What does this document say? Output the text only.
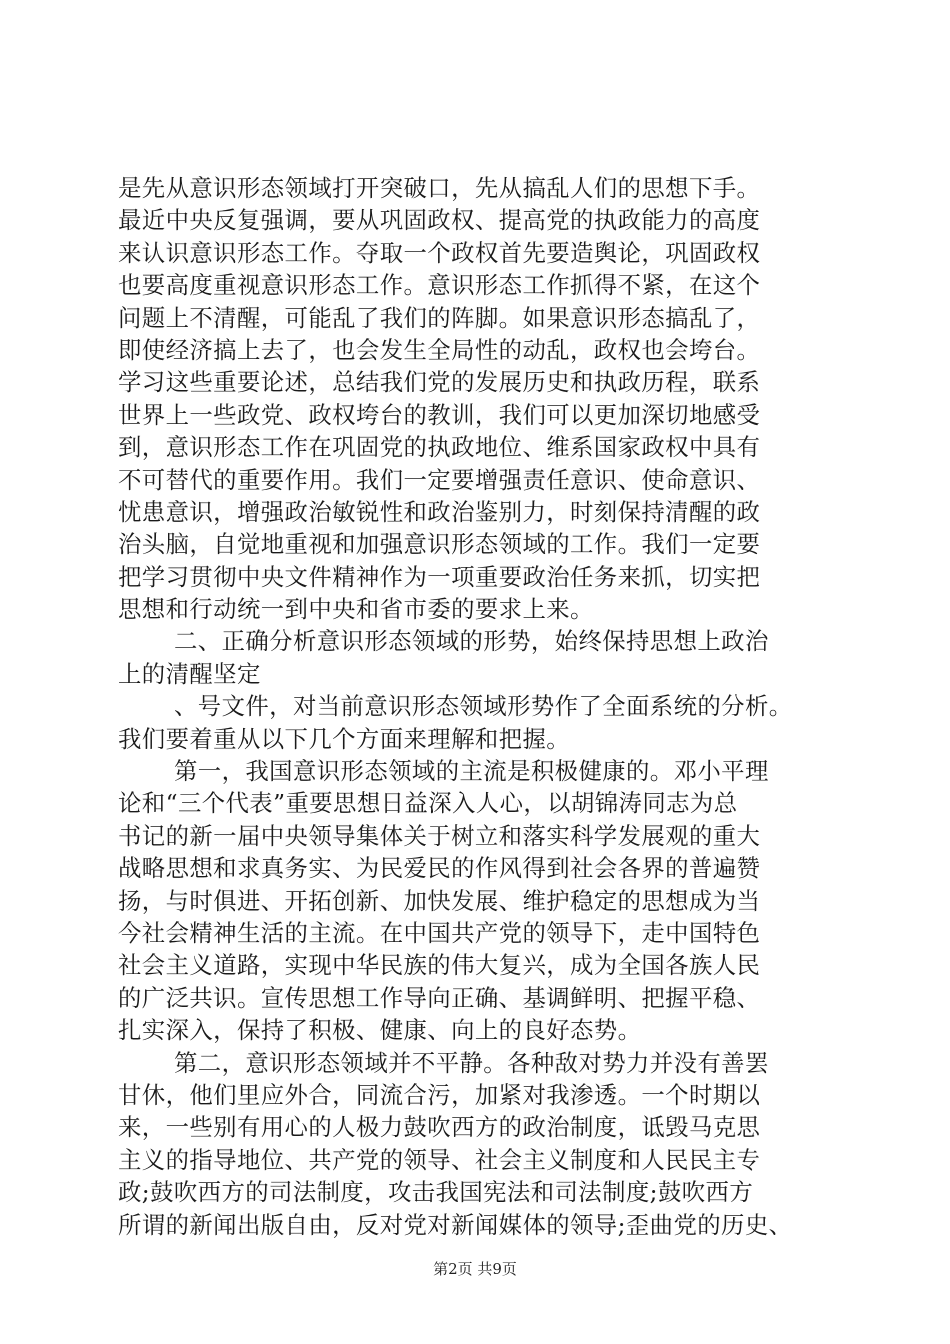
是先从意识形态领域打开突破口，先从搞乱人们的思想下手。
最近中央反复强调，要从巩固政权、提高党的执政能力的高度
来认识意识形态工作。夺取一个政权首先要造舆论，巩固政权
也要高度重视意识形态工作。意识形态工作抓得不紧，在这个
问题上不清醒，可能乱了我们的阵脚。如果意识形态搞乱了，
即使经济搞上去了，也会发生全局性的动乱，政权也会垮台。
学习这些重要论述，总结我们党的发展历史和执政历程，联系
世界上一些政党、政权垮台的教训，我们可以更加深切地感受
到，意识形态工作在巩固党的执政地位、维系国家政权中具有
不可替代的重要作用。我们一定要增强责任意识、使命意识、
忧患意识，增强政治敏锐性和政治鉴别力，时刻保持清醒的政
治头脑，自觉地重视和加强意识形态领域的工作。我们一定要
把学习贯彻中央文件精神作为一项重要政治任务来抓，切实把
思想和行动统一到中央和省市委的要求上来。
二、正确分析意识形态领域的形势，始终保持思想上政治
上的清醒坚定
、号文件，对当前意识形态领域形势作了全面系统的分析。
我们要着重从以下几个方面来理解和把握。
第一，我国意识形态领域的主流是积极健康的。邓小平理
论和“三个代表”重要思想日益深入人心，以胡锦涛同志为总
书记的新一届中央领导集体关于树立和落实科学发展观的重大
战略思想和求真务实、为民爱民的作风得到社会各界的普遍赞
扬，与时俱进、开拓创新、加快发展、维护稳定的思想成为当
今社会精神生活的主流。在中国共产党的领导下，走中国特色
社会主义道路，实现中华民族的伟大复兴，成为全国各族人民
的广泛共识。宣传思想工作导向正确、基调鲜明、把握平稳、
扎实深入，保持了积极、健康、向上的良好态势。
第二，意识形态领域并不平静。各种敌对势力并没有善罢
甘休，他们里应外合，同流合污，加紧对我渗透。一个时期以
来，一些别有用心的人极力鼓吹西方的政治制度，诋毁马克思
主义的指导地位、共产党的领导、社会主义制度和人民民主专
政;鼓吹西方的司法制度，攻击我国宪法和司法制度;鼓吹西方
所谓的新闻出版自由，反对党对新闻媒体的领导;歪曲党的历史、
第2页 共9页
